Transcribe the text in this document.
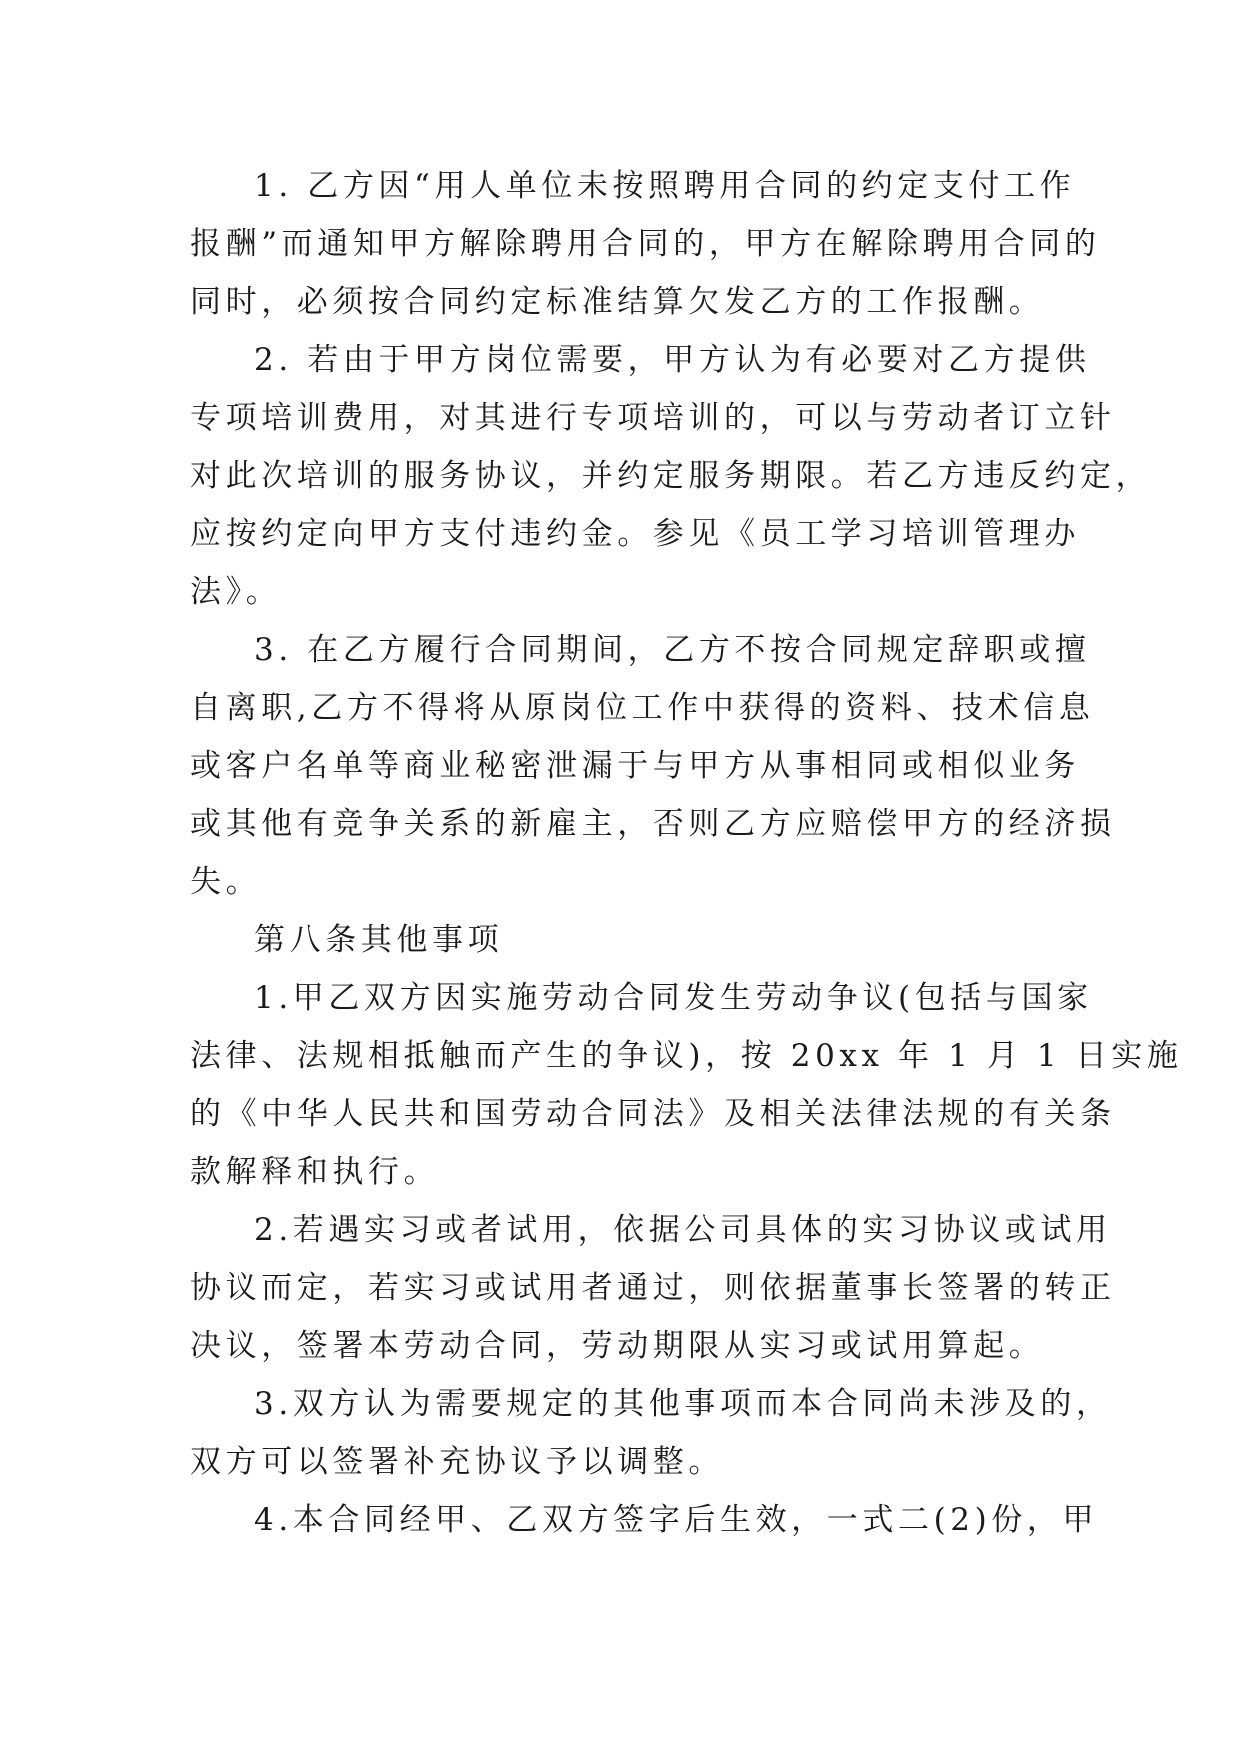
1. 乙方因“用人单位未按照聘用合同的约定支付工作
报酬”而通知甲方解除聘用合同的，甲方在解除聘用合同的
同时，必须按合同约定标准结算欠发乙方的工作报酬。
2. 若由于甲方岗位需要，甲方认为有必要对乙方提供
专项培训费用，对其进行专项培训的，可以与劳动者订立针
对此次培训的服务协议，并约定服务期限。若乙方违反约定，
应按约定向甲方支付违约金。参见《员工学习培训管理办
法》。
3. 在乙方履行合同期间，乙方不按合同规定辞职或擅
自离职,乙方不得将从原岗位工作中获得的资料、技术信息
或客户名单等商业秘密泄漏于与甲方从事相同或相似业务
或其他有竞争关系的新雇主，否则乙方应赔偿甲方的经济损
失。
第八条其他事项
1.甲乙双方因实施劳动合同发生劳动争议(包括与国家
法律、法规相抵触而产生的争议)，按 20xx 年 1 月 1 日实施
的《中华人民共和国劳动合同法》及相关法律法规的有关条
款解释和执行。
2.若遇实习或者试用，依据公司具体的实习协议或试用
协议而定，若实习或试用者通过，则依据董事长签署的转正
决议，签署本劳动合同，劳动期限从实习或试用算起。
3.双方认为需要规定的其他事项而本合同尚未涉及的，
双方可以签署补充协议予以调整。
4.本合同经甲、乙双方签字后生效，一式二(2)份，甲
